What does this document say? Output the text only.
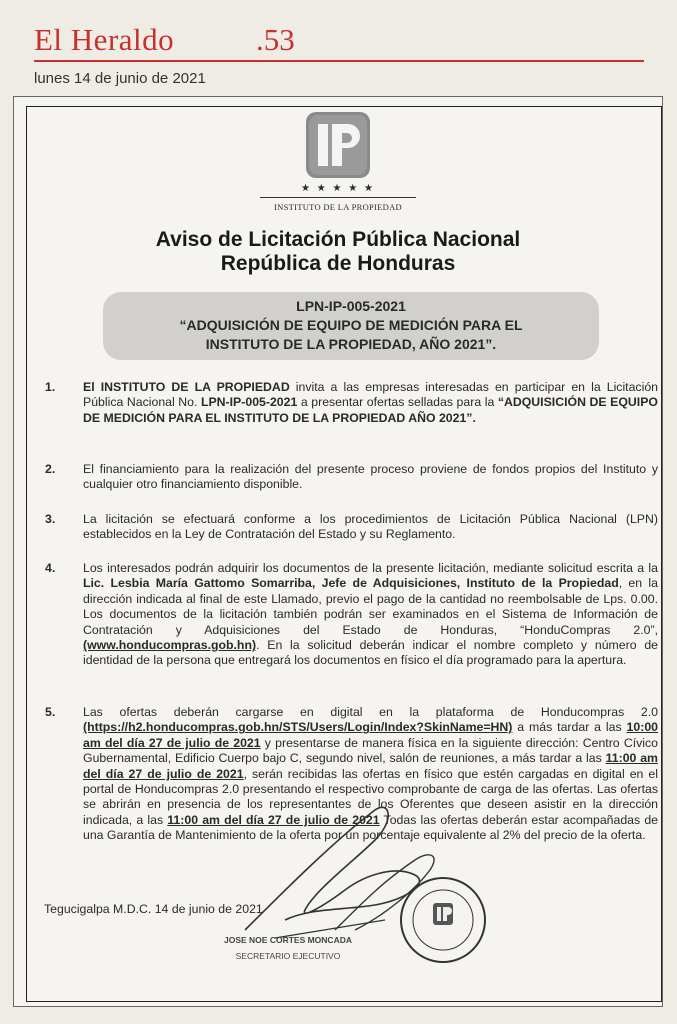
El Heraldo	.53
lunes 14 de junio de 2021
★ ★ ★ ★ ★
INSTITUTO DE LA PROPIEDAD
Aviso de Licitación Pública Nacional
República de Honduras
LPN-IP-005-2021
“ADQUISICIÓN DE EQUIPO DE MEDICIÓN PARA EL
INSTITUTO DE LA PROPIEDAD, AÑO 2021”.
1.	El INSTITUTO DE LA PROPIEDAD invita a las empresas interesadas en participar en la Licitación Pública Nacional No. LPN-IP-005-2021 a presentar ofertas selladas para la “ADQUISICIÓN DE EQUIPO DE MEDICIÓN PARA EL INSTITUTO DE LA PROPIEDAD AÑO 2021”.
2.	El financiamiento para la realización del presente proceso proviene de fondos propios del Instituto y cualquier otro financiamiento disponible.
3.	La licitación se efectuará conforme a los procedimientos de Licitación Pública Nacional (LPN) establecidos en la Ley de Contratación del Estado y su Reglamento.
4.	Los interesados podrán adquirir los documentos de la presente licitación, mediante solicitud escrita a la Lic. Lesbia María Gattomo Somarriba, Jefe de Adquisiciones, Instituto de la Propiedad, en la dirección indicada al final de este Llamado, previo el pago de la cantidad no reembolsable de Lps. 0.00. Los documentos de la licitación también podrán ser examinados en el Sistema de Información de Contratación y Adquisiciones del Estado de Honduras, “HonduCompras 2.0”, (www.honducompras.gob.hn). En la solicitud deberán indicar el nombre completo y número de identidad de la persona que entregará los documentos en físico el día programado para la apertura.
5.	Las ofertas deberán cargarse en digital en la plataforma de Honducompras 2.0 (https://h2.honducompras.gob.hn/STS/Users/Login/Index?SkinName=HN) a más tardar a las 10:00 am del día 27 de julio de 2021 y presentarse de manera física en la siguiente dirección: Centro Cívico Gubernamental, Edificio Cuerpo bajo C, segundo nivel, salón de reuniones, a más tardar a las 11:00 am del día 27 de julio de 2021, serán recibidas las ofertas en físico que estén cargadas en digital en el portal de Honducompras 2.0 presentando el respectivo comprobante de carga de las ofertas. Las ofertas se abrirán en presencia de los representantes de los Oferentes que deseen asistir en la dirección indicada, a las 11:00 am del día 27 de julio de 2021 Todas las ofertas deberán estar acompañadas de una Garantía de Mantenimiento de la oferta por un porcentaje equivalente al 2% del precio de la oferta.
Tegucigalpa M.D.C. 14 de junio de 2021
JOSE NOE CORTES MONCADA
SECRETARIO EJECUTIVO
